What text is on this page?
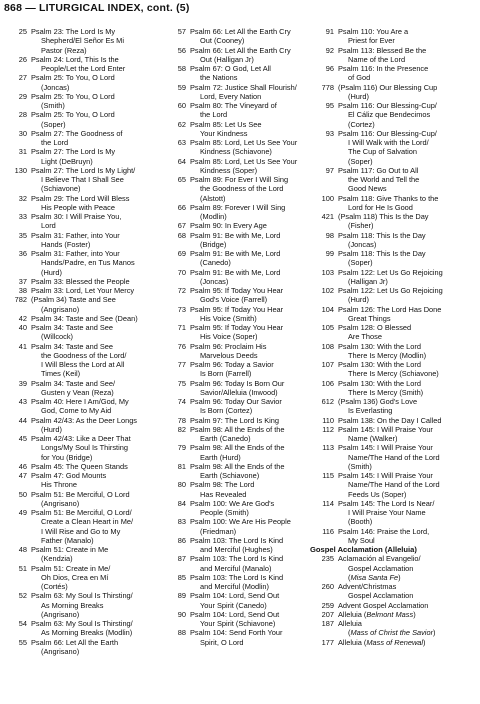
868 — LITURGICAL INDEX, cont. (5)
25 Psalm 23: The Lord Is My
Shepherd/El Señor Es Mi
Pastor (Reza)
26 Psalm 24: Lord, This Is the
People/Let the Lord Enter
27 Psalm 25: To You, O Lord
(Joncas)
29 Psalm 25: To You, O Lord
(Smith)
28 Psalm 25: To You, O Lord
(Soper)
30 Psalm 27: The Goodness of
the Lord
31 Psalm 27: The Lord Is My
Light (DeBruyn)
130 Psalm 27: The Lord Is My Light/
I Believe That I Shall See
(Schiavone)
32 Psalm 29: The Lord Will Bless
His People with Peace
33 Psalm 30: I Will Praise You,
Lord
35 Psalm 31: Father, into Your
Hands (Foster)
36 Psalm 31: Father, into Your
Hands/Padre, en Tus Manos
(Hurd)
37 Psalm 33: Blessed the People
38 Psalm 33: Lord, Let Your Mercy
782 (Psalm 34) Taste and See
(Angrisano)
42 Psalm 34: Taste and See (Dean)
40 Psalm 34: Taste and See
(Willcock)
41 Psalm 34: Taste and See
the Goodness of the Lord/
I Will Bless the Lord at All
Times (Keil)
39 Psalm 34: Taste and See/
Gusten y Vean (Reza)
43 Psalm 40: Here I Am/God, My
God, Come to My Aid
44 Psalm 42/43: As the Deer Longs
(Hurd)
45 Psalm 42/43: Like a Deer That
Longs/My Soul Is Thirsting
for You (Bridge)
46 Psalm 45: The Queen Stands
47 Psalm 47: God Mounts
His Throne
50 Psalm 51: Be Merciful, O Lord
(Angrisano)
49 Psalm 51: Be Merciful, O Lord/
Create a Clean Heart in Me/
I Will Rise and Go to My
Father (Manalo)
48 Psalm 51: Create in Me
(Kendzia)
51 Psalm 51: Create in Me/
Oh Dios, Crea en Mí
(Cortés)
52 Psalm 63: My Soul Is Thirsting/
As Morning Breaks
(Angrisano)
54 Psalm 63: My Soul Is Thirsting/
As Morning Breaks (Modlin)
55 Psalm 66: Let All the Earth
(Angrisano)
57 Psalm 66: Let All the Earth Cry
Out (Cooney)
56 Psalm 66: Let All the Earth Cry
Out (Halligan Jr)
58 Psalm 67: O God, Let All
the Nations
59 Psalm 72: Justice Shall Flourish/
Lord, Every Nation
60 Psalm 80: The Vineyard of
the Lord
62 Psalm 85: Let Us See
Your Kindness
63 Psalm 85: Lord, Let Us See Your
Kindness (Schiavone)
64 Psalm 85: Lord, Let Us See Your
Kindness (Soper)
65 Psalm 89: For Ever I Will Sing
the Goodness of the Lord
(Alstott)
66 Psalm 89: Forever I Will Sing
(Modlin)
67 Psalm 90: In Every Age
68 Psalm 91: Be with Me, Lord
(Bridge)
69 Psalm 91: Be with Me, Lord
(Canedo)
70 Psalm 91: Be with Me, Lord
(Joncas)
72 Psalm 95: If Today You Hear
God's Voice (Farrell)
73 Psalm 95: If Today You Hear
His Voice (Smith)
71 Psalm 95: If Today You Hear
His Voice (Soper)
76 Psalm 96: Proclaim His
Marvelous Deeds
77 Psalm 96: Today a Savior
Is Born (Farrell)
75 Psalm 96: Today Is Born Our
Savior/Alleluia (Inwood)
74 Psalm 96: Today Our Savior
Is Born (Cortez)
78 Psalm 97: The Lord Is King
82 Psalm 98: All the Ends of the
Earth (Canedo)
79 Psalm 98: All the Ends of the
Earth (Hurd)
81 Psalm 98: All the Ends of the
Earth (Schiavone)
80 Psalm 98: The Lord
Has Revealed
84 Psalm 100: We Are God's
People (Smith)
83 Psalm 100: We Are His People
(Friedman)
86 Psalm 103: The Lord Is Kind
and Merciful (Hughes)
87 Psalm 103: The Lord Is Kind
and Merciful (Manalo)
85 Psalm 103: The Lord Is Kind
and Merciful (Modlin)
89 Psalm 104: Lord, Send Out
Your Spirit (Canedo)
90 Psalm 104: Lord, Send Out
Your Spirit (Schiavone)
88 Psalm 104: Send Forth Your
Spirit, O Lord
91 Psalm 110: You Are a
Priest for Ever
92 Psalm 113: Blessed Be the
Name of the Lord
96 Psalm 116: In the Presence
of God
778 (Psalm 116) Our Blessing Cup
(Hurd)
95 Psalm 116: Our Blessing-Cup/
El Cáliz que Bendecimos
(Cortez)
93 Psalm 116: Our Blessing-Cup/
I Will Walk with the Lord/
The Cup of Salvation
(Soper)
97 Psalm 117: Go Out to All
the World and Tell the
Good News
100 Psalm 118: Give Thanks to the
Lord for He Is Good
421 (Psalm 118) This Is the Day
(Fisher)
98 Psalm 118: This Is the Day
(Joncas)
99 Psalm 118: This Is the Day
(Soper)
103 Psalm 122: Let Us Go Rejoicing
(Halligan Jr)
102 Psalm 122: Let Us Go Rejoicing
(Hurd)
104 Psalm 126: The Lord Has Done
Great Things
105 Psalm 128: O Blessed
Are Those
108 Psalm 130: With the Lord
There Is Mercy (Modlin)
107 Psalm 130: With the Lord
There Is Mercy (Schiavone)
106 Psalm 130: With the Lord
There Is Mercy (Smith)
612 (Psalm 136) God's Love
Is Everlasting
110 Psalm 138: On the Day I Called
112 Psalm 145: I Will Praise Your
Name (Walker)
113 Psalm 145: I Will Praise Your
Name/The Hand of the Lord
(Smith)
115 Psalm 145: I Will Praise Your
Name/The Hand of the Lord
Feeds Us (Soper)
114 Psalm 145: The Lord Is Near/
I Will Praise Your Name
(Booth)
116 Psalm 146: Praise the Lord,
My Soul
Gospel Acclamation (Alleluia)
235 Aclamación al Evangelio/
Gospel Acclamation
(Misa Santa Fe)
260 Advent/Christmas
Gospel Acclamation
259 Advent Gospel Acclamation
207 Alleluia (Belmont Mass)
187 Alleluia
(Mass of Christ the Savior)
177 Alleluia (Mass of Renewal)
